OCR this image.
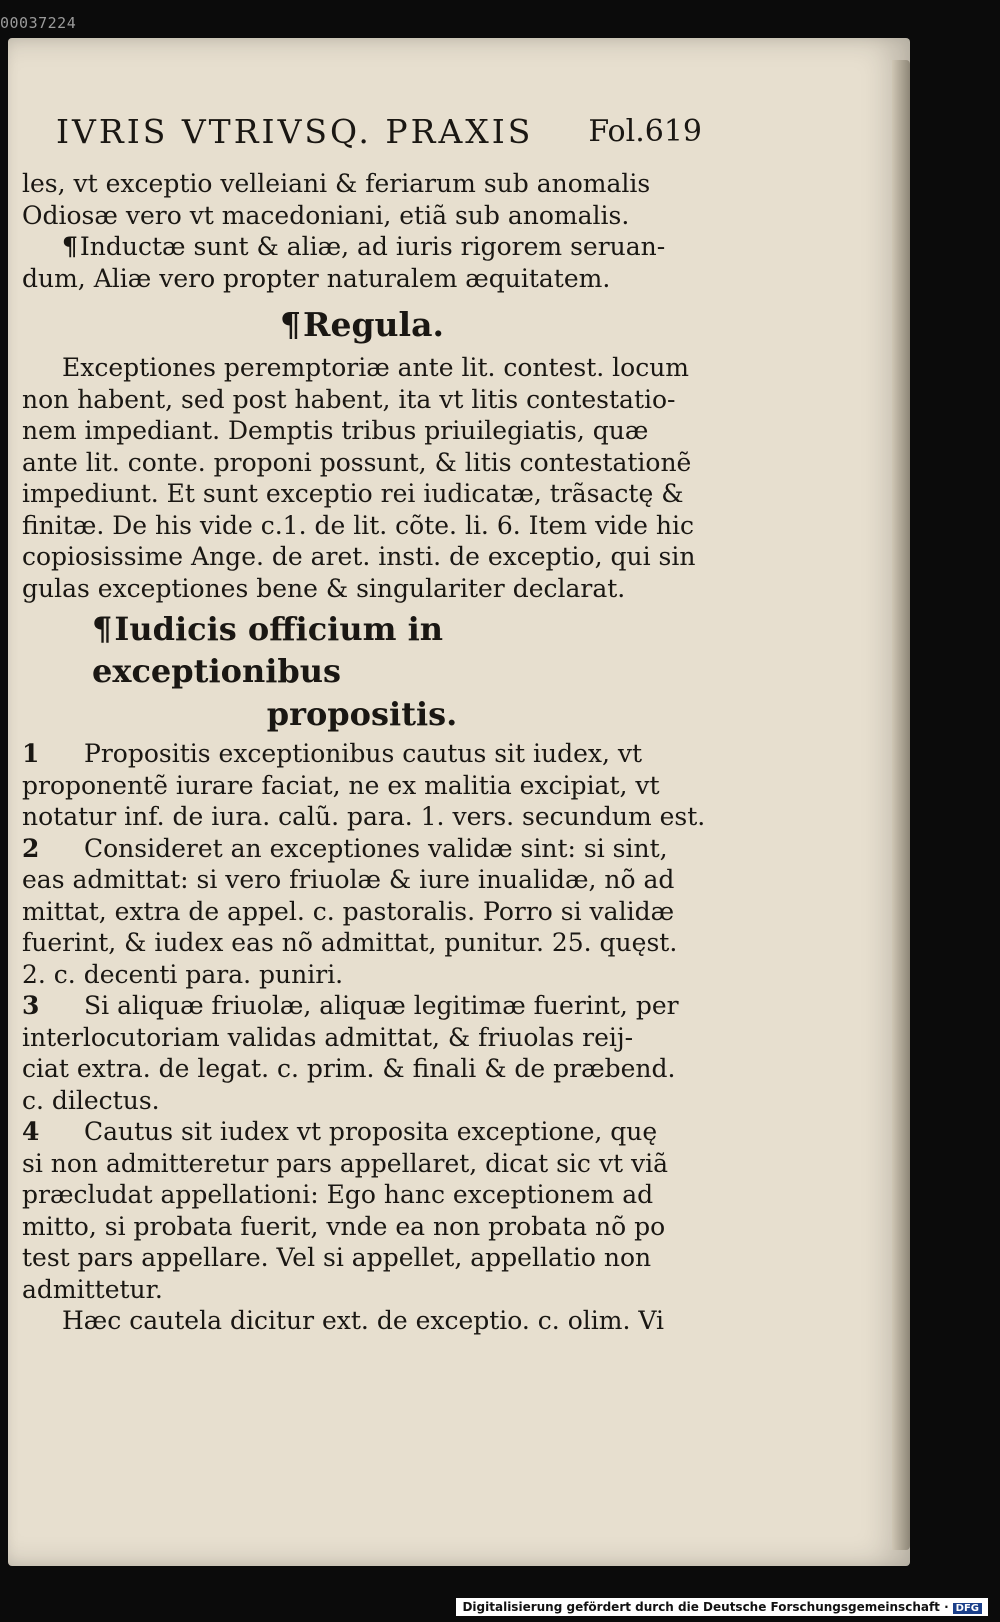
00037224
IVRIS VTRIVSQ. PRAXIS Fol.619
les, vt exceptio velleiani & feriarum sub anomalis
Odiosæ vero vt macedoniani, etiã sub anomalis.
¶Inductæ sunt & aliæ, ad iuris rigorem seruan-
dum, Aliæ vero propter naturalem æquitatem.
¶Regula.
Exceptiones peremptoriæ ante lit. contest. locum
non habent, sed post habent, ita vt litis contestatio-
nem impediant. Demptis tribus priuilegiatis, quæ
ante lit. conte. proponi possunt, & litis contestationẽ
impediunt. Et sunt exceptio rei iudicatæ, trãsactę &
finitæ. De his vide c.1. de lit. cõte. li. 6. Item vide hic
copiosissime Ange. de aret. insti. de exceptio, qui sin
gulas exceptiones bene & singulariter declarat.
¶Iudicis officium in exceptionibus
propositis.
1 Propositis exceptionibus cautus sit iudex, vt
proponentẽ iurare faciat, ne ex malitia excipiat, vt
notatur inf. de iura. calũ. para. 1. vers. secundum est.
2 Consideret an exceptiones validæ sint: si sint,
eas admittat: si vero friuolæ & iure inualidæ, nõ ad
mittat, extra de appel. c. pastoralis. Porro si validæ
fuerint, & iudex eas nõ admittat, punitur. 25. quęst.
2. c. decenti para. puniri.
3 Si aliquæ friuolæ, aliquæ legitimæ fuerint, per
interlocutoriam validas admittat, & friuolas reij-
ciat extra. de legat. c. prim. & finali & de præbend.
c. dilectus.
4 Cautus sit iudex vt proposita exceptione, quę
si non admitteretur pars appellaret, dicat sic vt viã
præcludat appellationi: Ego hanc exceptionem ad
mitto, si probata fuerit, vnde ea non probata nõ po
test pars appellare. Vel si appellet, appellatio non
admittetur.
Hæc cautela dicitur ext. de exceptio. c. olim. Vi
Digitalisierung gefördert durch die Deutsche Forschungsgemeinschaft · DFG
